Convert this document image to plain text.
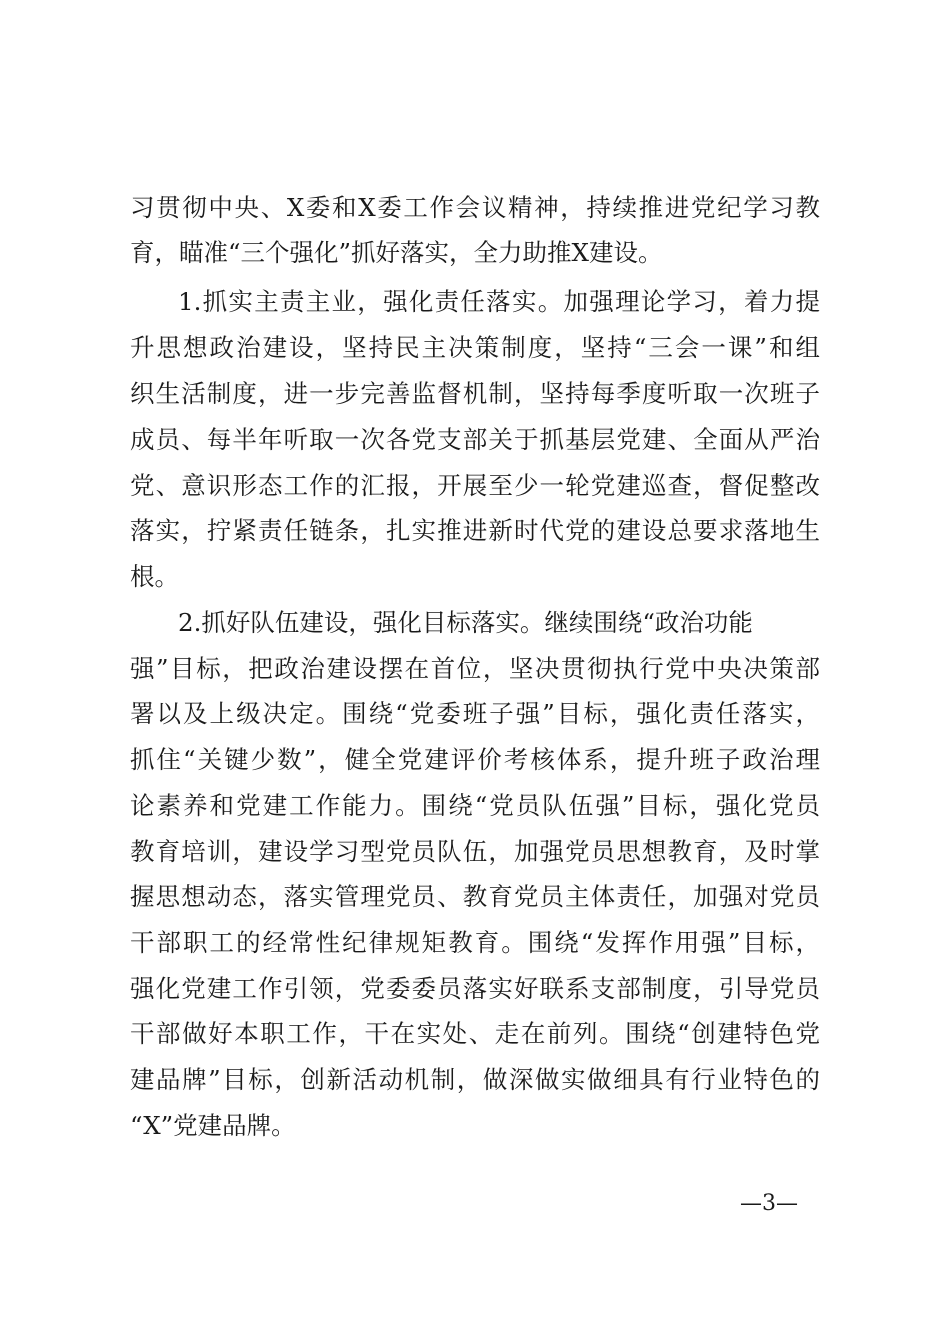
习贯彻中央、X委和X委工作会议精神，持续推进党纪学习教
育，瞄准“三个强化”抓好落实，全力助推X建设。
1.抓实主责主业，强化责任落实。加强理论学习，着力提
升思想政治建设，坚持民主决策制度，坚持“三会一课”和组
织生活制度，进一步完善监督机制，坚持每季度听取一次班子
成员、每半年听取一次各党支部关于抓基层党建、全面从严治
党、意识形态工作的汇报，开展至少一轮党建巡查，督促整改
落实，拧紧责任链条，扎实推进新时代党的建设总要求落地生
根。
2.抓好队伍建设，强化目标落实。继续围绕“政治功能
强”目标，把政治建设摆在首位，坚决贯彻执行党中央决策部
署以及上级决定。围绕“党委班子强”目标，强化责任落实，
抓住“关键少数”，健全党建评价考核体系，提升班子政治理
论素养和党建工作能力。围绕“党员队伍强”目标，强化党员
教育培训，建设学习型党员队伍，加强党员思想教育，及时掌
握思想动态，落实管理党员、教育党员主体责任，加强对党员
干部职工的经常性纪律规矩教育。围绕“发挥作用强”目标，
强化党建工作引领，党委委员落实好联系支部制度，引导党员
干部做好本职工作，干在实处、走在前列。围绕“创建特色党
建品牌”目标，创新活动机制，做深做实做细具有行业特色的
“X”党建品牌。
—3—
